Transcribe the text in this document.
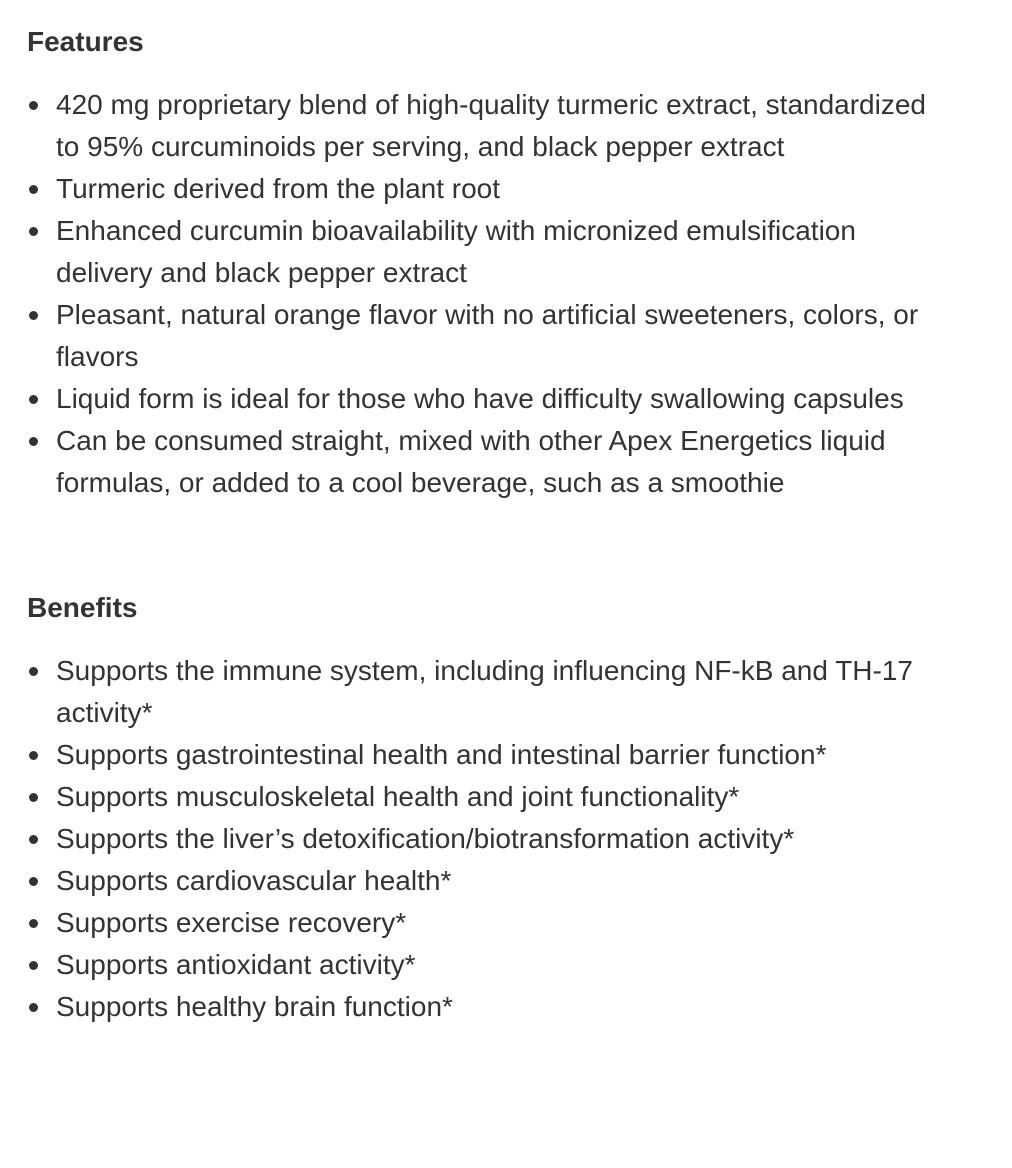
Features
420 mg proprietary blend of high-quality turmeric extract, standardized to 95% curcuminoids per serving, and black pepper extract
Turmeric derived from the plant root
Enhanced curcumin bioavailability with micronized emulsification delivery and black pepper extract
Pleasant, natural orange flavor with no artificial sweeteners, colors, or flavors
Liquid form is ideal for those who have difficulty swallowing capsules
Can be consumed straight, mixed with other Apex Energetics liquid formulas, or added to a cool beverage, such as a smoothie
Benefits
Supports the immune system, including influencing NF-kB and TH-17 activity*
Supports gastrointestinal health and intestinal barrier function*
Supports musculoskeletal health and joint functionality*
Supports the liver’s detoxification/biotransformation activity*
Supports cardiovascular health*
Supports exercise recovery*
Supports antioxidant activity*
Supports healthy brain function*
